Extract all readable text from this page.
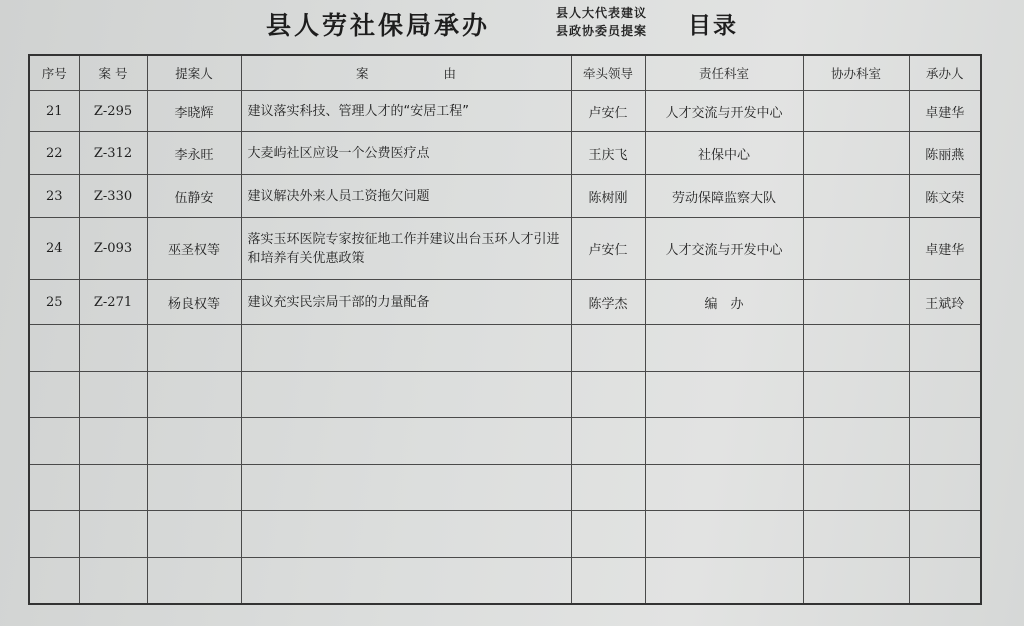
县人劳社保局承办	县人大代表建议
县政协委员提案 目录
序号	案 号	提案人	案　　　　　　由	牵头领导	责任科室	协办科室	承办人
21	Z-295	李晓辉	建议落实科技、管理人才的“安居工程”	卢安仁	人才交流与开发中心		卓建华
22	Z-312	李永旺	大麦屿社区应设一个公费医疗点	王庆飞	社保中心		陈丽燕
23	Z-330	伍静安	建议解决外来人员工资拖欠问题	陈树刚	劳动保障监察大队		陈文荣
24	Z-093	巫圣权等	落实玉环医院专家按征地工作并建议出台玉环人才引进和培养有关优惠政策	卢安仁	人才交流与开发中心		卓建华
25	Z-271	杨良权等	建议充实民宗局干部的力量配备	陈学杰	编　办		王斌玲
